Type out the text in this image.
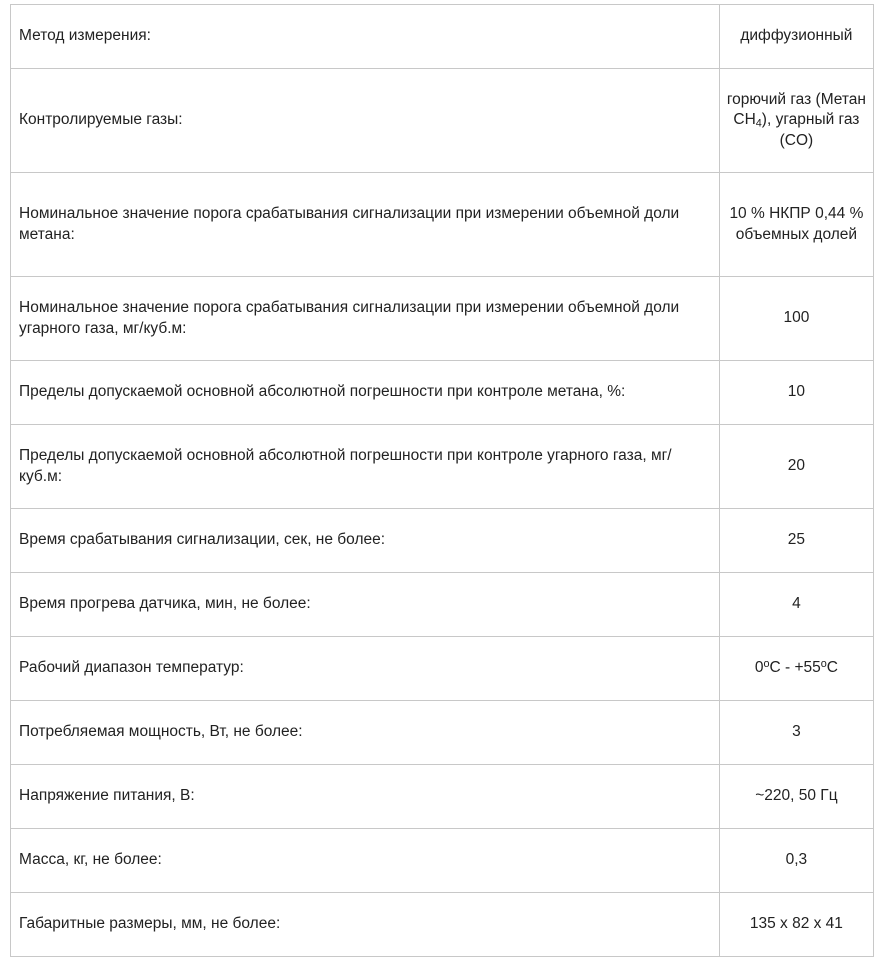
Метод измерения:	диффузионный
Контролируемые газы:	горючий газ (Метан $CH_4$), угарный газ (CO)
Номинальное значение порога срабатывания сигнализации при измерении объемной доли метана:	10 % НКПР 0,44 % объемных долей
Номинальное значение порога срабатывания сигнализации при измерении объемной доли угарного газа, мг/куб.м:	100
Пределы допускаемой основной абсолютной погрешности при контроле метана, %:	10
Пределы допускаемой основной абсолютной погрешности при контроле угарного газа, мг/ куб.м:	20
Время срабатывания сигнализации, сек, не более:	25
Время прогрева датчика, мин, не более:	4
Рабочий диапазон температур:	$0^oC - +55^oC$
Потребляемая мощность, Вт, не более:	3
Напряжение питания, В:	~220, 50 Гц
Масса, кг, не более:	0,3
Габаритные размеры, мм, не более:	135 x 82 x 41
